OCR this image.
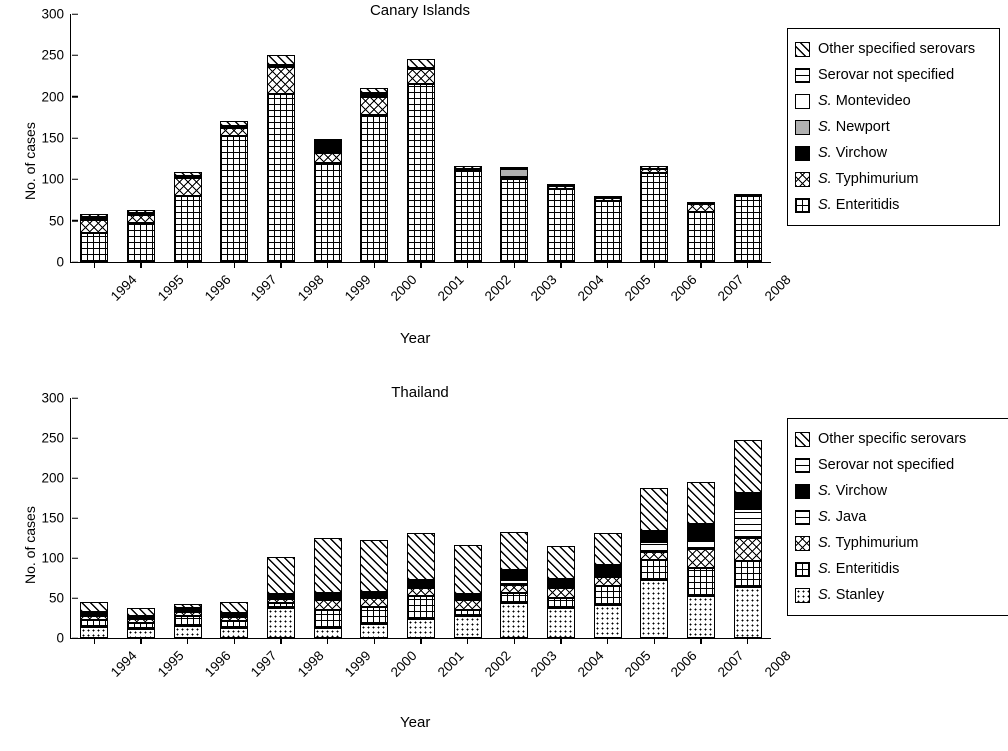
Canary Islands
No. of cases
0
50
100
150
200
250
300
1994 1995 1996 1997 1998 1999 2000 2001 2002 2003 2004 2005 2006 2007 2008
Year
Other specified serovars
Serovar not specified
S. Montevideo
S. Newport
S. Virchow
S. Typhimurium
S. Enteritidis
Thailand
No. of cases
0
50
100
150
200
250
300
1994 1995 1996 1997 1998 1999 2000 2001 2002 2003 2004 2005 2006 2007 2008
Year
Other specific serovars
Serovar not specified
S. Virchow
S. Java
S. Typhimurium
S. Enteritidis
S. Stanley
